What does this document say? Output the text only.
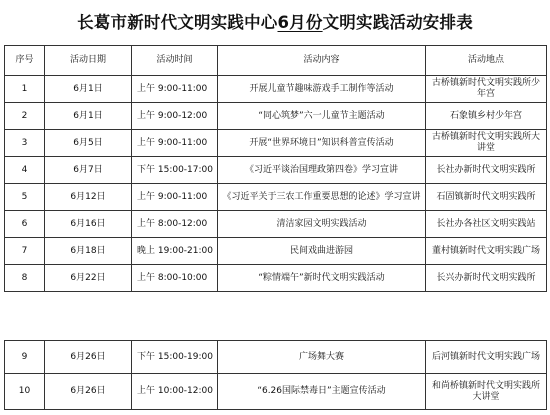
长葛市新时代文明实践中心6月份文明实践活动安排表
序号	活动日期	活动时间	活动内容	活动地点
1	6月1日	上午 9:00-11:00	开展儿童节趣味游戏手工制作等活动	古桥镇新时代文明实践所少年宫
2	6月1日	上午 9:00-12:00	“同心筑梦”六一儿童节主题活动	石象镇乡村少年宫
3	6月5日	上午 9:00-11:00	开展“世界环境日”知识科普宣传活动	古桥镇新时代文明实践所大讲堂
4	6月7日	下午 15:00-17:00	《习近平谈治国理政第四卷》学习宣讲	长社办新时代文明实践所
5	6月12日	上午 9:00-11:00	《习近平关于三农工作重要思想的论述》学习宣讲	石固镇新时代文明实践所
6	6月16日	上午 8:00-12:00	清洁家园文明实践活动	长社办各社区文明实践站
7	6月18日	晚上 19:00-21:00	民间戏曲进游园	董村镇新时代文明实践广场
8	6月22日	上午 8:00-10:00	“粽情端午”新时代文明实践活动	长兴办新时代文明实践所
9	6月26日	下午 15:00-19:00	广场舞大赛	后河镇新时代文明实践广场
10	6月26日	上午 10:00-12:00	“6.26国际禁毒日”主题宣传活动	和尚桥镇新时代文明实践所大讲堂
